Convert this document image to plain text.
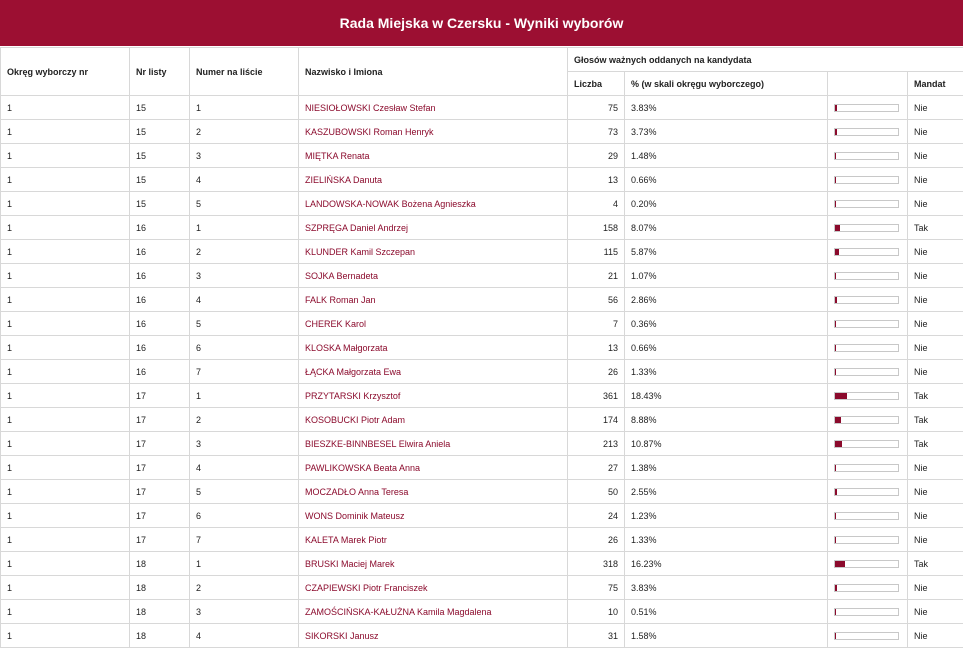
Rada Miejska w Czersku - Wyniki wyborów
Okręg wyborczy nr	Nr listy	Numer na liście	Nazwisko i Imiona	Głosów ważnych oddanych na kandydata			
				Liczba	% (w skali okręgu wyborczego)		Mandat
1	15	1	NIESIOŁOWSKI Czesław Stefan	75	3.83%		Nie
1	15	2	KASZUBOWSKI Roman Henryk	73	3.73%		Nie
1	15	3	MIĘTKA Renata	29	1.48%		Nie
1	15	4	ZIELIŃSKA Danuta	13	0.66%		Nie
1	15	5	LANDOWSKA-NOWAK Bożena Agnieszka	4	0.20%		Nie
1	16	1	SZPRĘGA Daniel Andrzej	158	8.07%		Tak
1	16	2	KLUNDER Kamil Szczepan	115	5.87%		Nie
1	16	3	SOJKA Bernadeta	21	1.07%		Nie
1	16	4	FALK Roman Jan	56	2.86%		Nie
1	16	5	CHEREK Karol	7	0.36%		Nie
1	16	6	KLOSKA Małgorzata	13	0.66%		Nie
1	16	7	ŁĄCKA Małgorzata Ewa	26	1.33%		Nie
1	17	1	PRZYTARSKI Krzysztof	361	18.43%		Tak
1	17	2	KOSOBUCKI Piotr Adam	174	8.88%		Tak
1	17	3	BIESZKE-BINNBESEL Elwira Aniela	213	10.87%		Tak
1	17	4	PAWLIKOWSKA Beata Anna	27	1.38%		Nie
1	17	5	MOCZADŁO Anna Teresa	50	2.55%		Nie
1	17	6	WONS Dominik Mateusz	24	1.23%		Nie
1	17	7	KALETA Marek Piotr	26	1.33%		Nie
1	18	1	BRUSKI Maciej Marek	318	16.23%		Tak
1	18	2	CZAPIEWSKI Piotr Franciszek	75	3.83%		Nie
1	18	3	ZAMOŚCIŃSKA-KAŁUŻNA Kamila Magdalena	10	0.51%		Nie
1	18	4	SIKORSKI Janusz	31	1.58%		Nie
